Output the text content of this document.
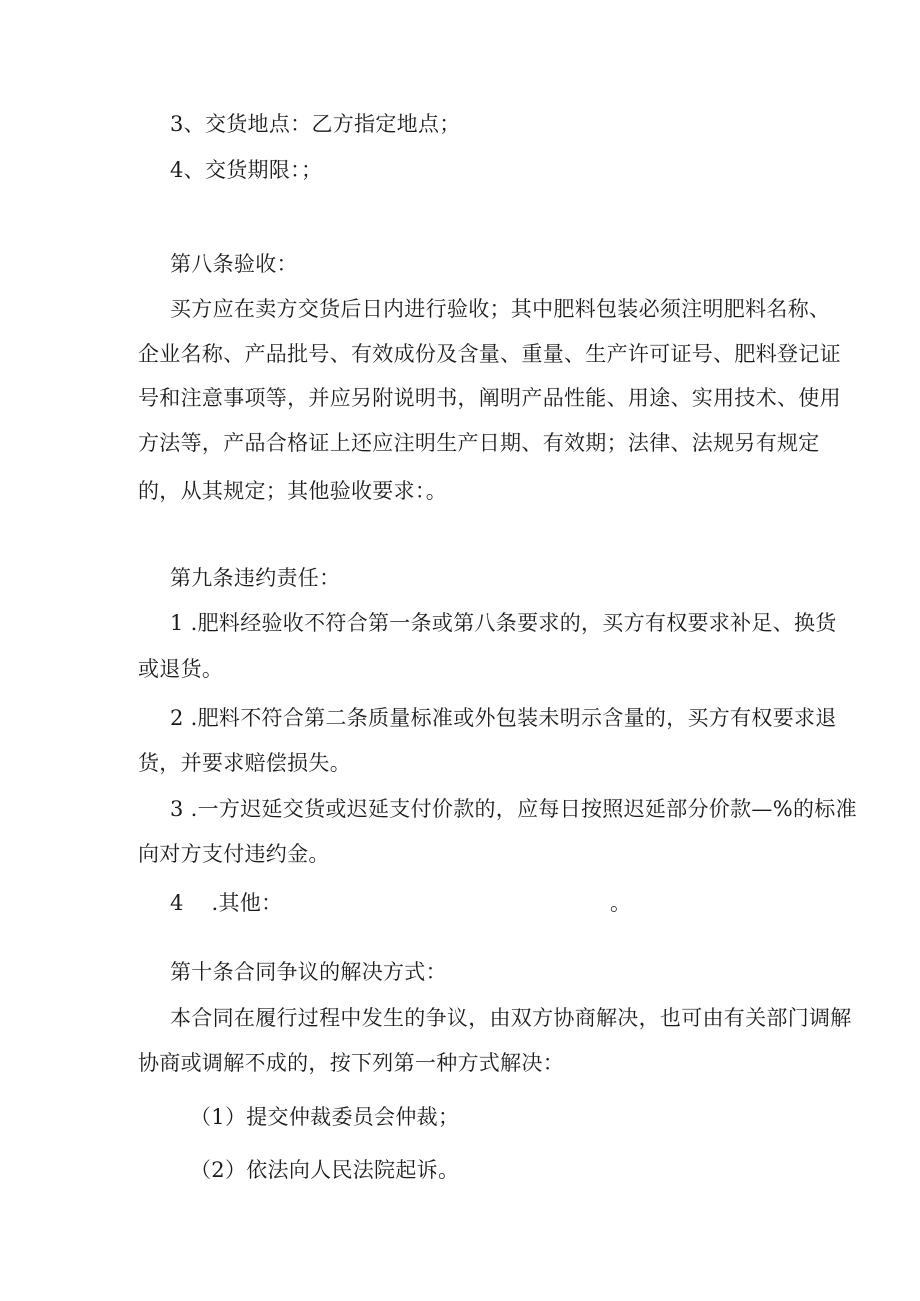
3、交货地点：乙方指定地点；
4、交货期限：；
第八条验收：
买方应在卖方交货后日内进行验收；其中肥料包装必须注明肥料名称、
企业名称、产品批号、有效成份及含量、重量、生产许可证号、肥料登记证
号和注意事项等，并应另附说明书，阐明产品性能、用途、实用技术、使用
方法等，产品合格证上还应注明生产日期、有效期；法律、法规另有规定
的，从其规定；其他验收要求：。
第九条违约责任：
1 .肥料经验收不符合第一条或第八条要求的，买方有权要求补足、换货
或退货。
2 .肥料不符合第二条质量标准或外包装未明示含量的，买方有权要求退
货，并要求赔偿损失。
3 .一方迟延交货或迟延支付价款的，应每日按照迟延部分价款—%的标准
向对方支付违约金。
4    .其他：	。
第十条合同争议的解决方式：
本合同在履行过程中发生的争议，由双方协商解决，也可由有关部门调解
协商或调解不成的，按下列第一种方式解决：
（1）提交仲裁委员会仲裁；
（2）依法向人民法院起诉。
